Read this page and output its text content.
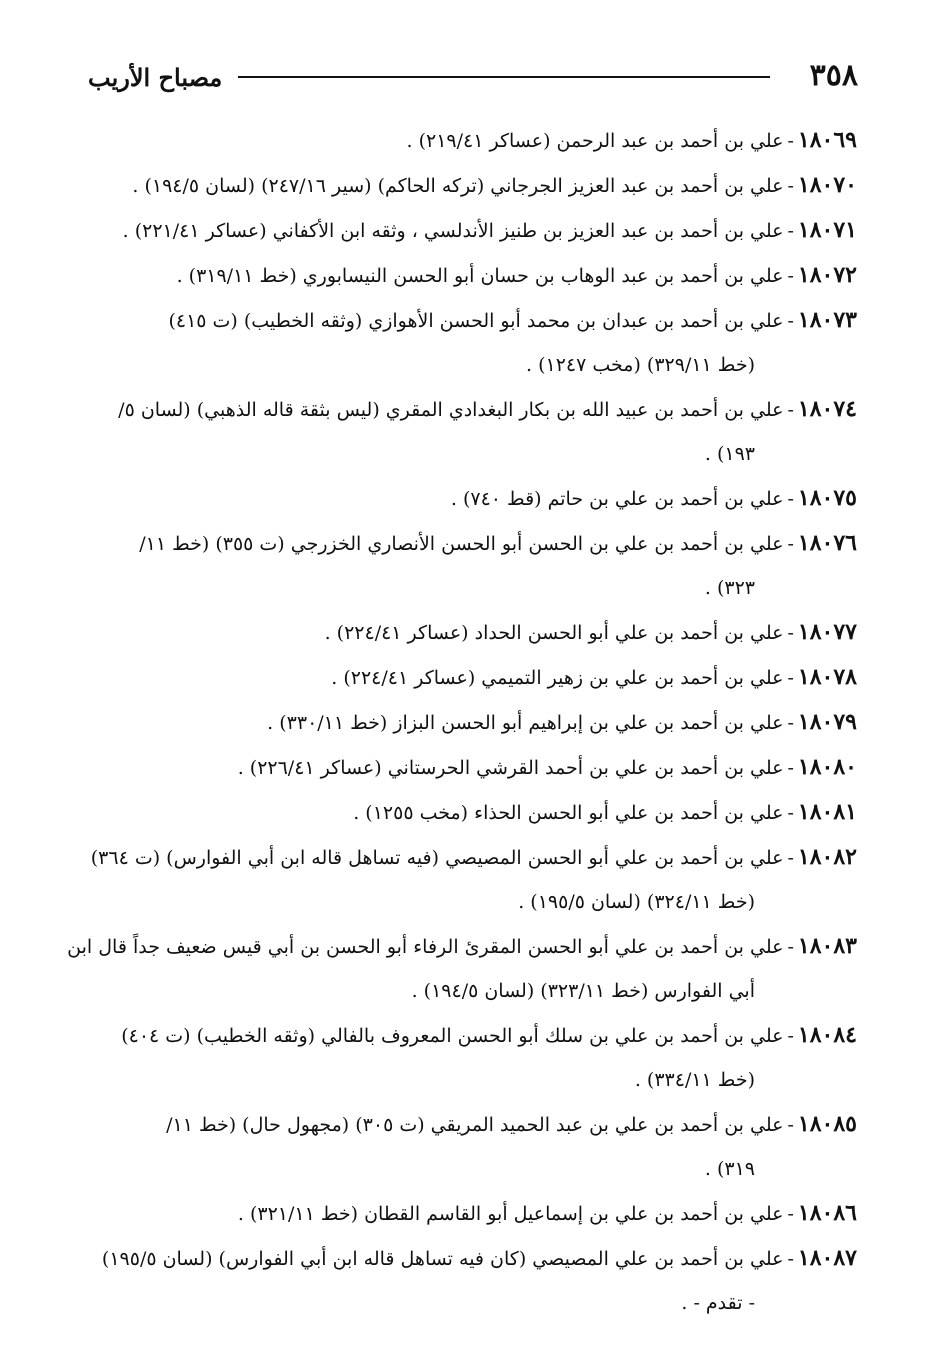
٣٥٨
مصباح الأريب
١٨٠٦٩-علي بن أحمد بن عبد الرحمن (عساكر ٢١٩/٤١) .
١٨٠٧٠-علي بن أحمد بن عبد العزيز الجرجاني (تركه الحاكم) (سير ٢٤٧/١٦) (لسان ١٩٤/٥) .
١٨٠٧١-علي بن أحمد بن عبد العزيز بن طنيز الأندلسي ، وثقه ابن الأكفاني (عساكر ٢٢١/٤١) .
١٨٠٧٢-علي بن أحمد بن عبد الوهاب بن حسان أبو الحسن النيسابوري (خط ٣١٩/١١) .
١٨٠٧٣-علي بن أحمد بن عبدان بن محمد أبو الحسن الأهوازي (وثقه الخطيب) (ت ٤١٥)
(خط ٣٢٩/١١) (مخب ١٢٤٧) .
١٨٠٧٤-علي بن أحمد بن عبيد الله بن بكار البغدادي المقري (ليس بثقة قاله الذهبي) (لسان ٥/
١٩٣) .
١٨٠٧٥-علي بن أحمد بن علي بن حاتم (قط ٧٤٠) .
١٨٠٧٦-علي بن أحمد بن علي بن الحسن أبو الحسن الأنصاري الخزرجي (ت ٣٥٥) (خط ١١/
٣٢٣) .
١٨٠٧٧-علي بن أحمد بن علي أبو الحسن الحداد (عساكر ٢٢٤/٤١) .
١٨٠٧٨-علي بن أحمد بن علي بن زهير التميمي (عساكر ٢٢٤/٤١) .
١٨٠٧٩-علي بن أحمد بن علي بن إبراهيم أبو الحسن البزاز (خط ٣٣٠/١١) .
١٨٠٨٠-علي بن أحمد بن علي بن أحمد القرشي الحرستاني (عساكر ٢٢٦/٤١) .
١٨٠٨١-علي بن أحمد بن علي أبو الحسن الحذاء (مخب ١٢٥٥) .
١٨٠٨٢-علي بن أحمد بن علي أبو الحسن المصيصي (فيه تساهل قاله ابن أبي الفوارس) (ت ٣٦٤)
(خط ٣٢٤/١١) (لسان ١٩٥/٥) .
١٨٠٨٣-علي بن أحمد بن علي أبو الحسن المقرئ الرفاء أبو الحسن بن أبي قيس ضعيف جداً قال ابن
أبي الفوارس (خط ٣٢٣/١١) (لسان ١٩٤/٥) .
١٨٠٨٤-علي بن أحمد بن علي بن سلك أبو الحسن المعروف بالفالي (وثقه الخطيب) (ت ٤٠٤)
(خط ٣٣٤/١١) .
١٨٠٨٥-علي بن أحمد بن علي بن عبد الحميد المريقي (ت ٣٠٥) (مجهول حال) (خط ١١/
٣١٩) .
١٨٠٨٦-علي بن أحمد بن علي بن إسماعيل أبو القاسم القطان (خط ٣٢١/١١) .
١٨٠٨٧-علي بن أحمد بن علي المصيصي (كان فيه تساهل قاله ابن أبي الفوارس) (لسان ١٩٥/٥)
- تقدم - .
